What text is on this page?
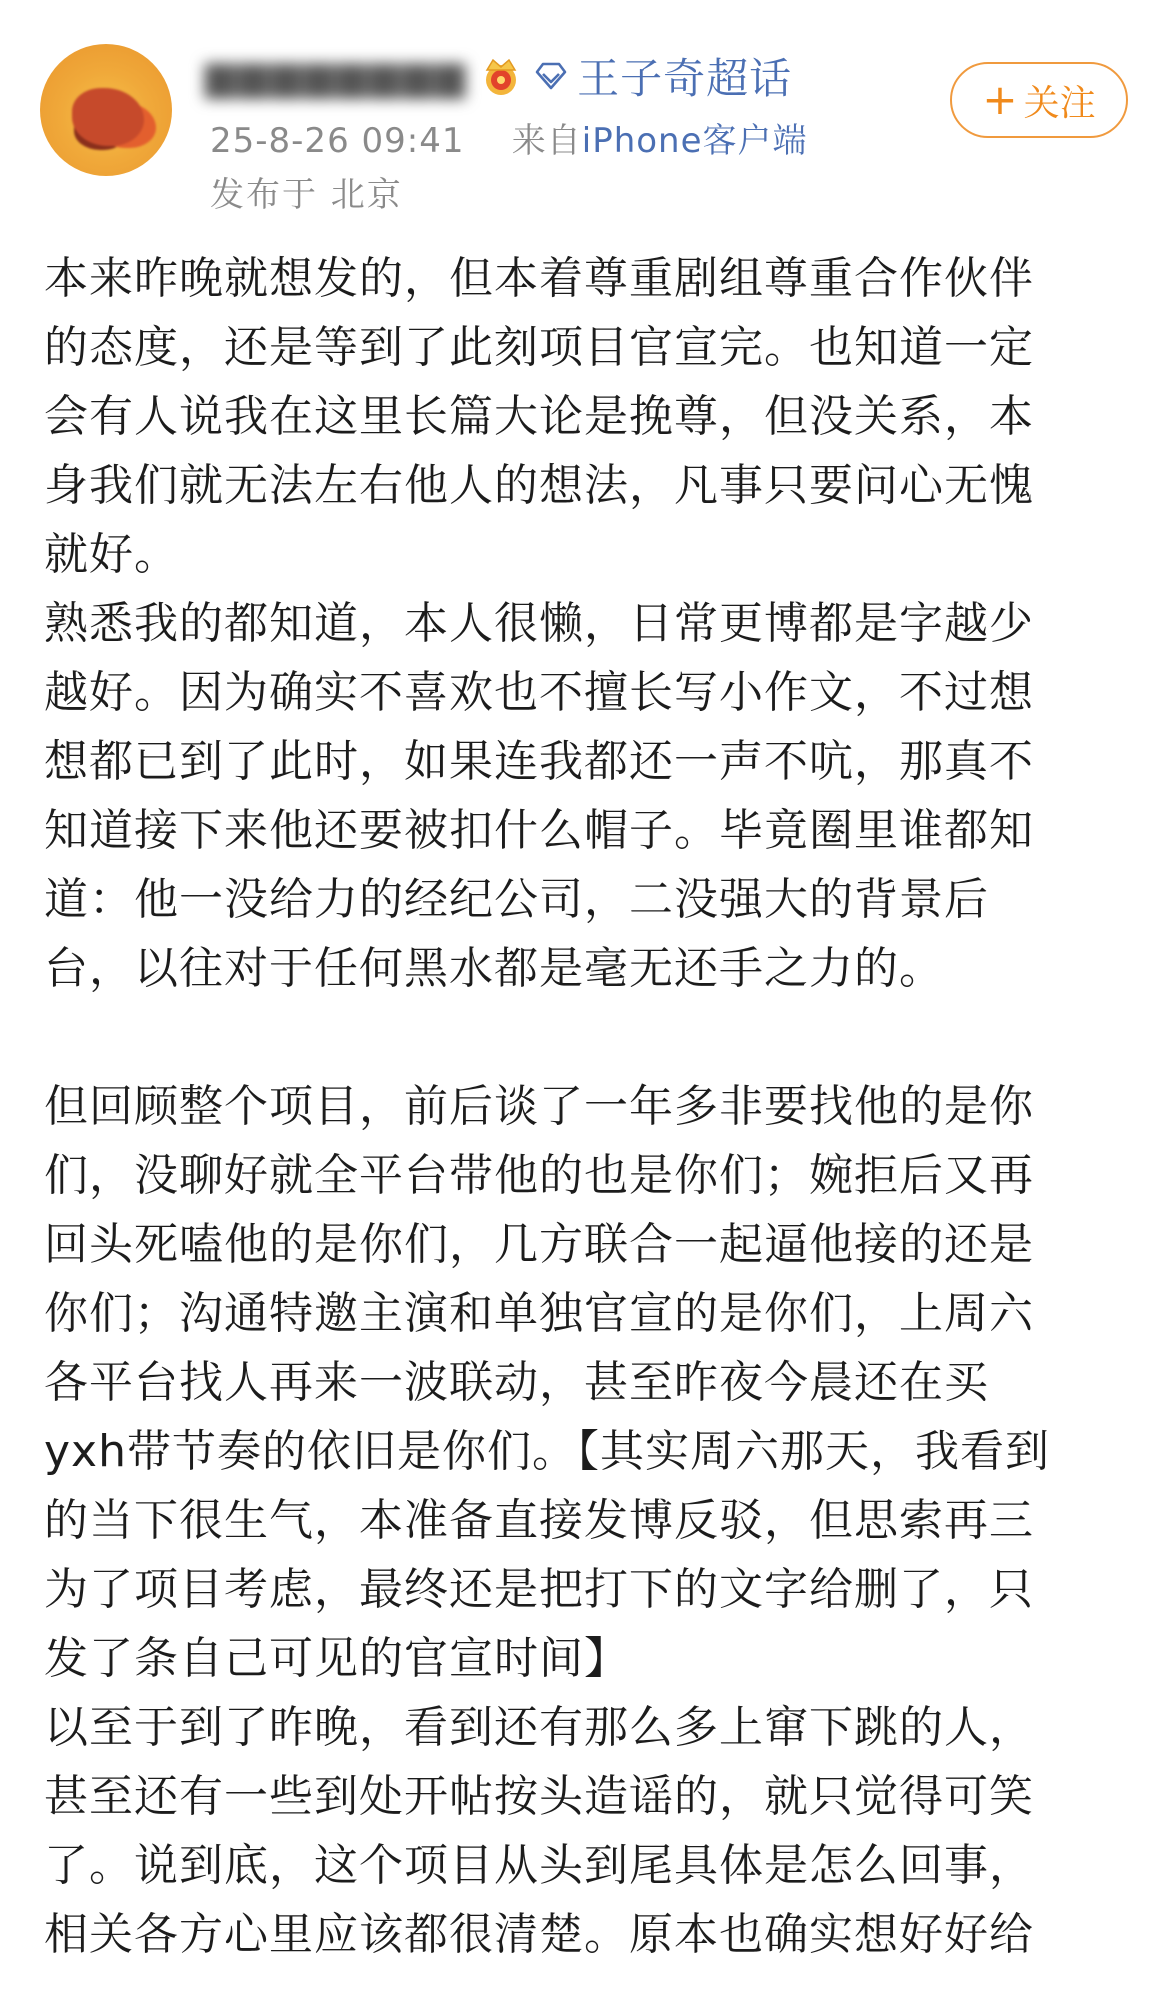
▆▆▆▆▆▆▆▆	王子奇超话
25-8-26 09:41 来自iPhone客户端
发布于 北京
+ 关注
本来昨晚就想发的，但本着尊重剧组尊重合作伙伴
的态度，还是等到了此刻项目官宣完。也知道一定
会有人说我在这里长篇大论是挽尊，但没关系，本
身我们就无法左右他人的想法，凡事只要问心无愧
就好。
熟悉我的都知道，本人很懒，日常更博都是字越少
越好。因为确实不喜欢也不擅长写小作文，不过想
想都已到了此时，如果连我都还一声不吭，那真不
知道接下来他还要被扣什么帽子。毕竟圈里谁都知
道：他一没给力的经纪公司，二没强大的背景后
台，以往对于任何黑水都是毫无还手之力的。
但回顾整个项目，前后谈了一年多非要找他的是你
们，没聊好就全平台带他的也是你们；婉拒后又再
回头死嗑他的是你们，几方联合一起逼他接的还是
你们；沟通特邀主演和单独官宣的是你们，上周六
各平台找人再来一波联动，甚至昨夜今晨还在买
yxh带节奏的依旧是你们。【其实周六那天，我看到
的当下很生气，本准备直接发博反驳，但思索再三
为了项目考虑，最终还是把打下的文字给删了，只
发了条自己可见的官宣时间】
以至于到了昨晚，看到还有那么多上窜下跳的人，
甚至还有一些到处开帖按头造谣的，就只觉得可笑
了。说到底，这个项目从头到尾具体是怎么回事，
相关各方心里应该都很清楚。原本也确实想好好给
